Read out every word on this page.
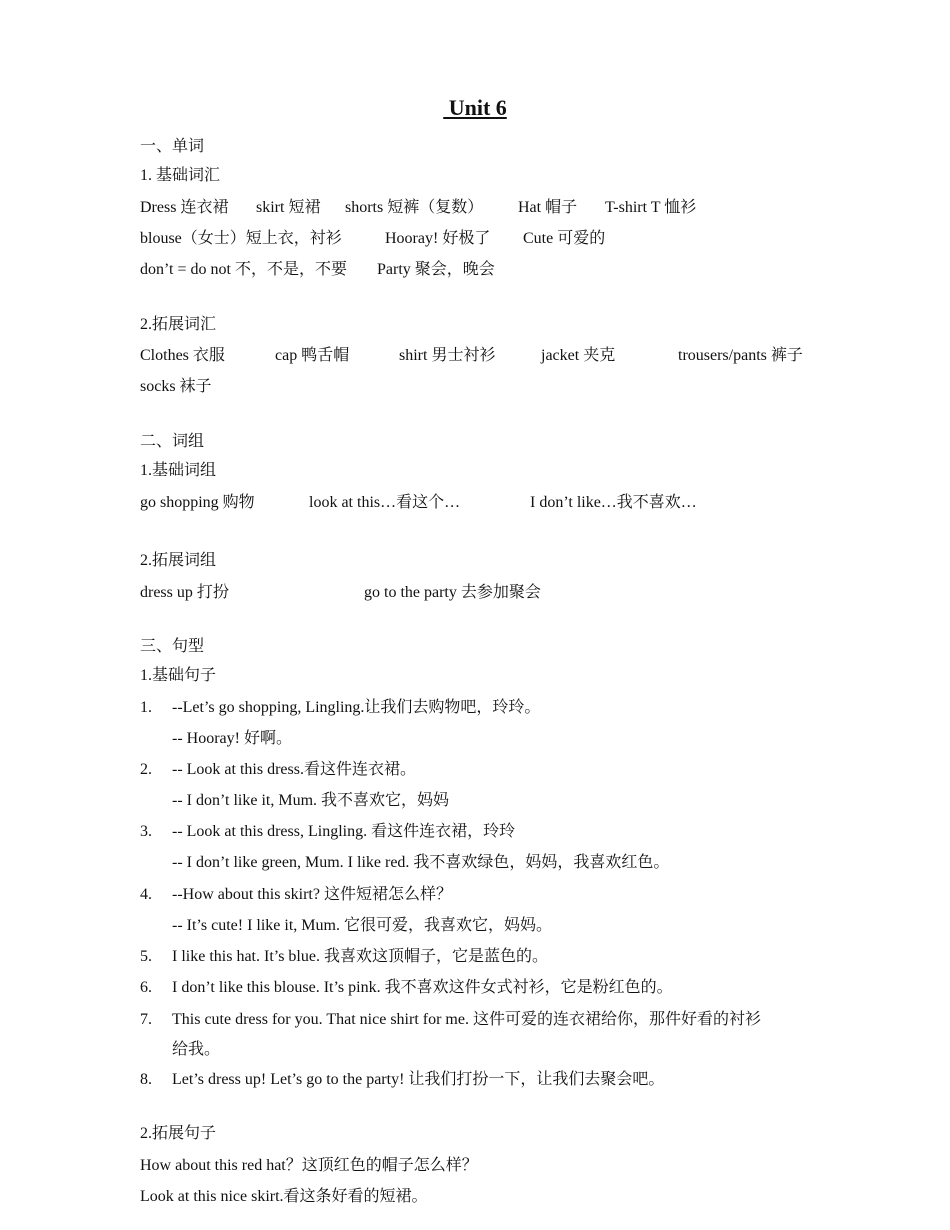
Unit 6
一、单词
1. 基础词汇
Dress 连衣裙 skirt 短裙 shorts 短裤（复数） Hat 帽子 T-shirt T 恤衫
blouse（女士）短上衣，衬衫	Hooray! 好极了 Cute 可爱的
don’t = do not 不，不是，不要 Party 聚会，晚会
2.拓展词汇
Clothes 衣服	cap 鸭舌帽	shirt 男士衬衫	jacket 夹克	trousers/pants 裤子
socks 袜子
二、词组
1.基础词组
go shopping 购物	look at this…看这个…	I don’t like…我不喜欢…
2.拓展词组
dress up 打扮	go to the party 去参加聚会
三、句型
1.基础句子
1. --Let’s go shopping, Lingling.让我们去购物吧，玲玲。
-- Hooray! 好啊。
2. -- Look at this dress.看这件连衣裙。
-- I don’t like it, Mum. 我不喜欢它，妈妈
3. -- Look at this dress, Lingling. 看这件连衣裙，玲玲
-- I don’t like green, Mum. I like red. 我不喜欢绿色，妈妈，我喜欢红色。
4. --How about this skirt? 这件短裙怎么样？
-- It’s cute! I like it, Mum. 它很可爱，我喜欢它，妈妈。
5. I like this hat. It’s blue. 我喜欢这顶帽子，它是蓝色的。
6. I don’t like this blouse. It’s pink. 我不喜欢这件女式衬衫，它是粉红色的。
7. This cute dress for you. That nice shirt for me. 这件可爱的连衣裙给你，那件好看的衬衫
给我。
8. Let’s dress up! Let’s go to the party! 让我们打扮一下，让我们去聚会吧。
2.拓展句子
How about this red hat？这顶红色的帽子怎么样？
Look at this nice skirt.看这条好看的短裙。
